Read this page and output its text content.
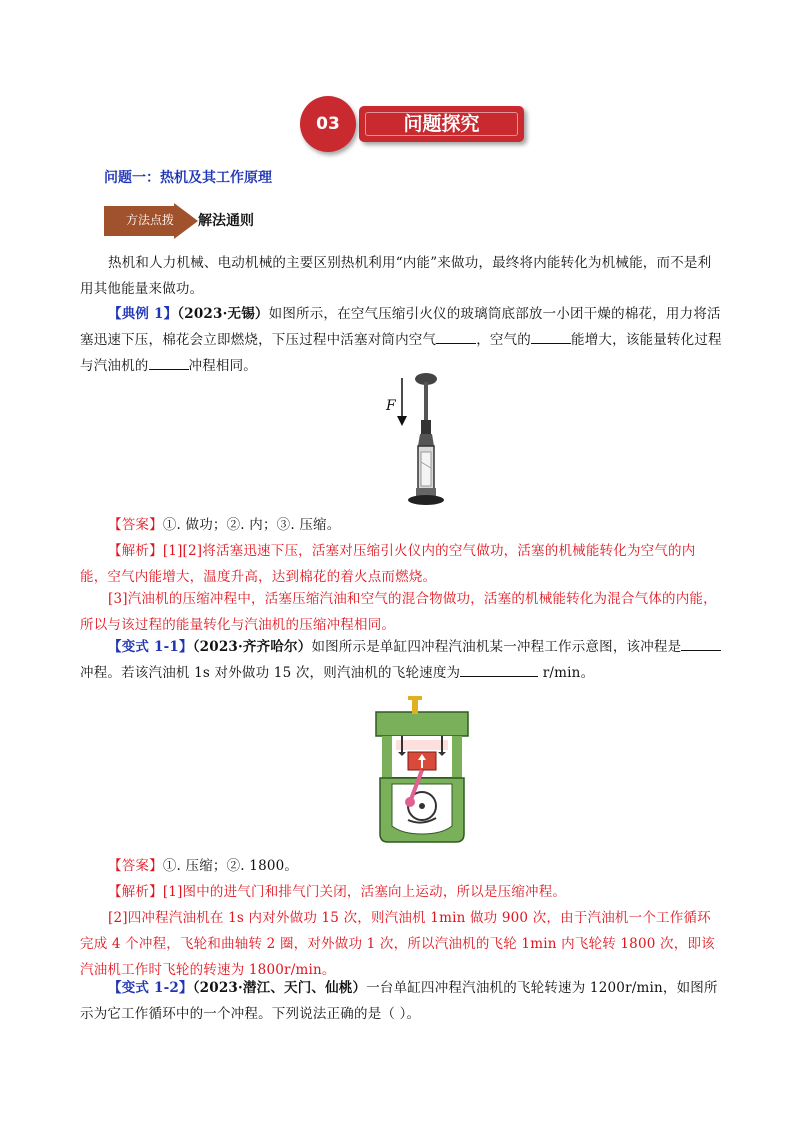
问题探究
03
问题一：热机及其工作原理
方法点拨	解法通则
热机和人力机械、电动机械的主要区别热机利用“内能”来做功，最终将内能转化为机械能，而不是利用其他能量来做功。
【典例 1】（2023·无锡）如图所示，在空气压缩引火仪的玻璃筒底部放一小团干燥的棉花，用力将活塞迅速下压，棉花会立即燃烧，下压过程中活塞对筒内空气	，空气的	能增大，该能量转化过程与汽油机的	冲程相同。
F
【答案】①. 做功；②. 内；③. 压缩。
【解析】[1][2]将活塞迅速下压，活塞对压缩引火仪内的空气做功，活塞的机械能转化为空气的内能，空气内能增大，温度升高，达到棉花的着火点而燃烧。
[3]汽油机的压缩冲程中，活塞压缩汽油和空气的混合物做功，活塞的机械能转化为混合气体的内能，所以与该过程的能量转化与汽油机的压缩冲程相同。
【变式 1-1】（2023·齐齐哈尔）如图所示是单缸四冲程汽油机某一冲程工作示意图，该冲程是冲程。若该汽油机 1s 对外做功 15 次，则汽油机的飞轮速度为	r/min。
【答案】①. 压缩；②. 1800。
【解析】[1]图中的进气门和排气门关闭，活塞向上运动，所以是压缩冲程。
[2]四冲程汽油机在 1s 内对外做功 15 次，则汽油机 1min 做功 900 次，由于汽油机一个工作循环完成 4 个冲程，飞轮和曲轴转 2 圈，对外做功 1 次，所以汽油机的飞轮 1min 内飞轮转 1800 次，即该汽油机工作时飞轮的转速为 1800r/min。
【变式 1-2】（2023·潜江、天门、仙桃）一台单缸四冲程汽油机的飞轮转速为 1200r/min，如图所示为它工作循环中的一个冲程。下列说法正确的是（ ）。
